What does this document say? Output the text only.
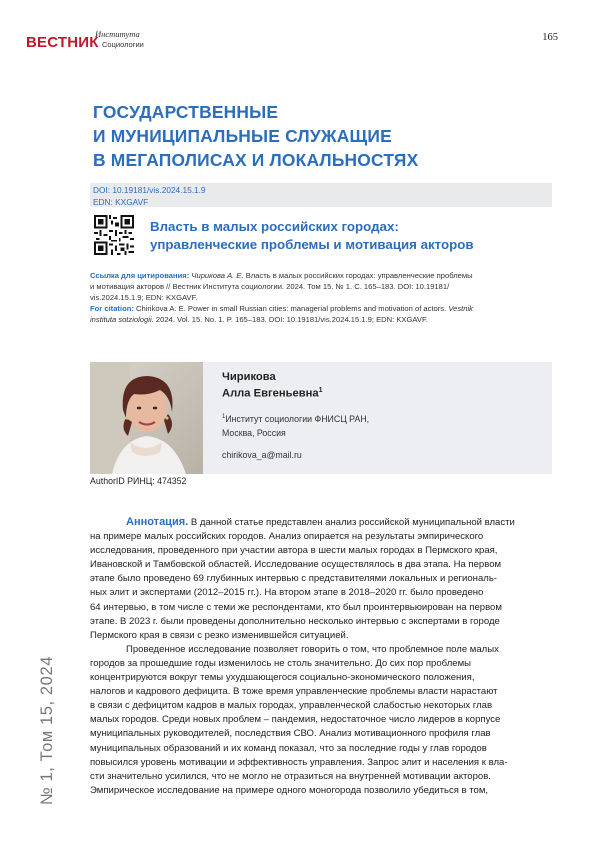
ВЕСТНИК
Института
Социологии
165
ГОСУДАРСТВЕННЫЕ
И МУНИЦИПАЛЬНЫЕ СЛУЖАЩИЕ
В МЕГАПОЛИСАХ И ЛОКАЛЬНОСТЯХ
DOI: 10.19181/vis.2024.15.1.9
EDN: KXGAVF
Власть в малых российских городах:
управленческие проблемы и мотивация акторов
Ссылка для цитирования: Чирикова А. Е. Власть в малых российских городах: управленческие проблемы
и мотивация акторов // Вестник Института социологии. 2024. Том 15. № 1. С. 165–183. DOI: 10.19181/
vis.2024.15.1.9; EDN: KXGAVF.
For citation: Chirikova A. E. Power in small Russian cities: managerial problems and motivation of actors. Vestnik
instituta sotziologii. 2024. Vol. 15. No. 1. P. 165–183. DOI: 10.19181/vis.2024.15.1.9; EDN: KXGAVF.
Чирикова
Алла Евгеньевна$^1$
$^1$Институт социологии ФНИСЦ РАН,
Москва, Россия
chirikova_a@mail.ru
AuthorID РИНЦ: 474352
№ 1, Том 15, 2024
Аннотация. В данной статье представлен анализ российской муниципальной власти
на примере малых российских городов. Анализ опирается на результаты эмпирического
исследования, проведенного при участии автора в шести малых городах в Пермского края,
Ивановской и Тамбовской областей. Исследование осуществлялось в два этапа. На первом
этапе было проведено 69 глубинных интервью с представителями локальных и региональ-
ных элит и экспертами (2012–2015 гг.). На втором этапе в 2018–2020 гг. было проведено
64 интервью, в том числе с теми же респондентами, кто был проинтервьюирован на первом
этапе. В 2023 г. были проведены дополнительно несколько интервью с экспертами в городе
Пермского края в связи с резко изменившейся ситуацией.
Проведенное исследование позволяет говорить о том, что проблемное поле малых
городов за прошедшие годы изменилось не столь значительно. До сих пор проблемы
концентрируются вокруг темы ухудшающегося социально-экономического положения,
налогов и кадрового дефицита. В тоже время управленческие проблемы власти нарастают
в связи с дефицитом кадров в малых городах, управленческой слабостью некоторых глав
малых городов. Среди новых проблем – пандемия, недостаточное число лидеров в корпусе
муниципальных руководителей, последствия СВО. Анализ мотивационного профиля глав
муниципальных образований и их команд показал, что за последние годы у глав городов
повысился уровень мотивации и эффективность управления. Запрос элит и населения к вла-
сти значительно усилился, что не могло не отразиться на внутренней мотивации акторов.
Эмпирическое исследование на примере одного моногорода позволило убедиться в том,
